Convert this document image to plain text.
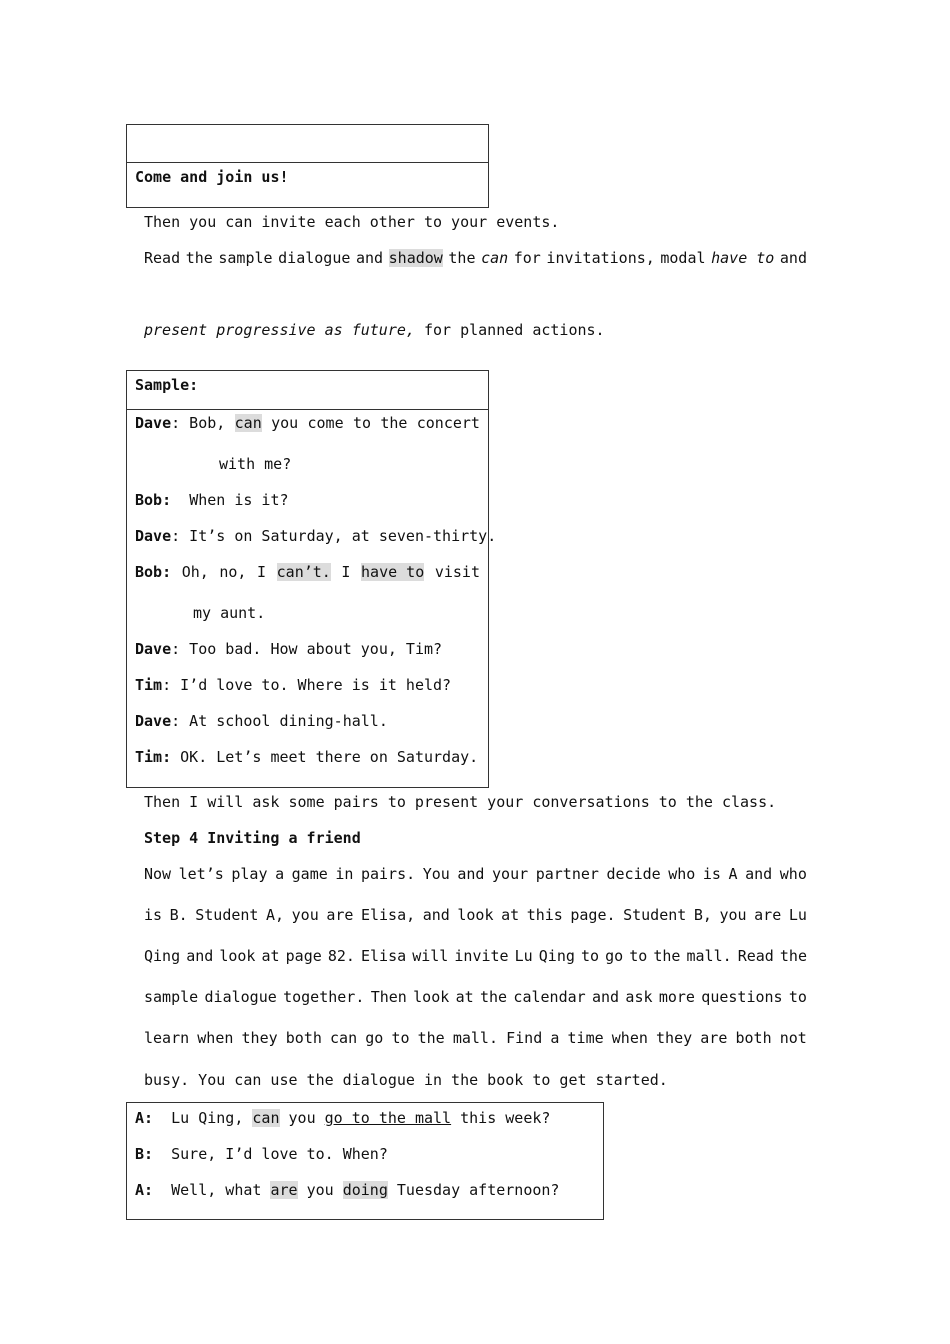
Come and join us!
Then you can invite each other to your events.
Read the sample dialogue and shadow the can for invitations, modal have to and
present progressive as future, for planned actions.
Sample:
Dave: Bob, can you come to the concert
with me?
Bob: When is it?
Dave: It’s on Saturday, at seven-thirty.
Bob: Oh, no, I can’t. I have to visit
my aunt.
Dave: Too bad. How about you, Tim?
Tim: I’d love to. Where is it held?
Dave: At school dining-hall.
Tim: OK. Let’s meet there on Saturday.
Then I will ask some pairs to present your conversations to the class.
Step 4 Inviting a friend
Now let’s play a game in pairs. You and your partner decide who is A and who
is B. Student A, you are Elisa, and look at this page. Student B, you are Lu
Qing and look at page 82. Elisa will invite Lu Qing to go to the mall. Read the
sample dialogue together. Then look at the calendar and ask more questions to
learn when they both can go to the mall. Find a time when they are both not
busy. You can use the dialogue in the book to get started.
A: Lu Qing, can you go to the mall this week?
B: Sure, I’d love to. When?
A: Well, what are you doing Tuesday afternoon?
